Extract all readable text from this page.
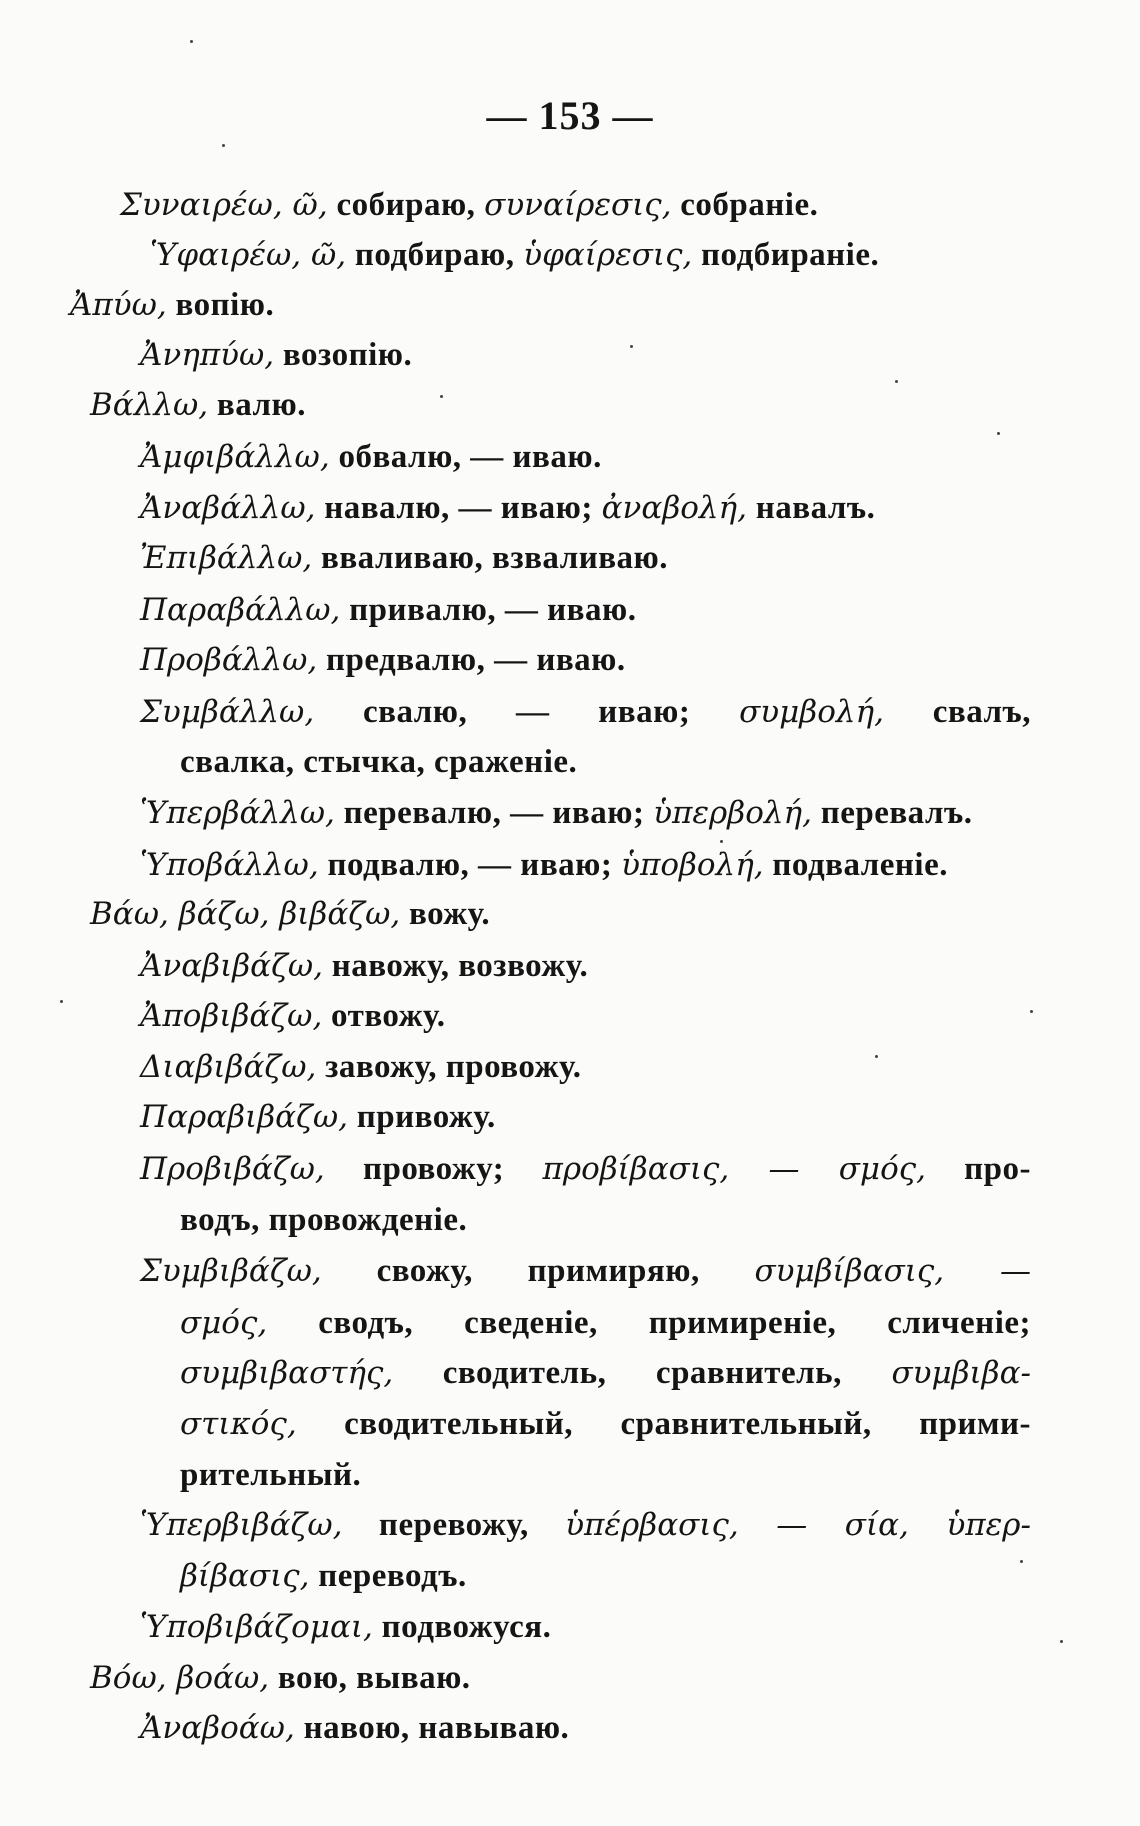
— 153 —
Συναιρέω, ῶ, собираю, συναίρεσις, собраніе.
Ὑφαιρέω, ῶ, подбираю, ὑφαίρεσις, подбираніе.
Ἀπύω, вопію.
Ἀνηπύω, возопію.
Βάλλω, валю.
Ἀμφιβάλλω, обвалю, — иваю.
Ἀναβάλλω, навалю, — иваю; ἀναβολή, навалъ.
Ἐπιβάλλω, вваливаю, взваливаю.
Παραβάλλω, привалю, — иваю.
Προβάλλω, предвалю, — иваю.
Συμβάλλω, свалю, — иваю; συμβολή, свалъ,
свалка, стычка, сраженіе.
Ὑπερβάλλω, перевалю, — иваю; ὑπερβολή, перевалъ.
Ὑποβάλλω, подвалю, — иваю; ὑποβολή, подваленіе.
Βάω, βάζω, βιβάζω, вожу.
Ἀναβιβάζω, навожу, возвожу.
Ἀποβιβάζω, отвожу.
Διαβιβάζω, завожу, провожу.
Παραβιβάζω, привожу.
Προβιβάζω, провожу; προβίβασις, — σμός, про-
водъ, провожденіе.
Συμβιβάζω, свожу, примиряю, συμβίβασις, —
σμός, сводъ, сведеніе, примиреніе, сличеніе;
συμβιβαστής, сводитель, сравнитель, συμβιβα-
στικός, сводительный, сравнительный, прими-
рительный.
Ὑπερβιβάζω, перевожу, ὑπέρβασις, — σία, ὑπερ-
βίβασις, переводъ.
Ὑποβιβάζομαι, подвожуся.
Βόω, βοάω, вою, вываю.
Ἀναβοάω, навою, навываю.
